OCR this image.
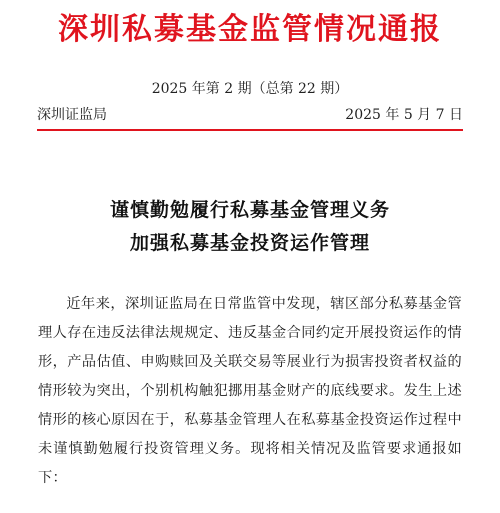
深圳私募基金监管情况通报
2025 年第 2 期（总第 22 期）
深圳证监局	2025 年 5 月 7 日
谨慎勤勉履行私募基金管理义务
加强私募基金投资运作管理

近年来，深圳证监局在日常监管中发现，辖区部分私募基金管理人存在违反法律法规规定、违反基金合同约定开展投资运作的情形，产品估值、申购赎回及关联交易等展业行为损害投资者权益的情形较为突出，个别机构触犯挪用基金财产的底线要求。发生上述情形的核心原因在于，私募基金管理人在私募基金投资运作过程中未谨慎勤勉履行投资管理义务。现将相关情况及监管要求通报如下：
